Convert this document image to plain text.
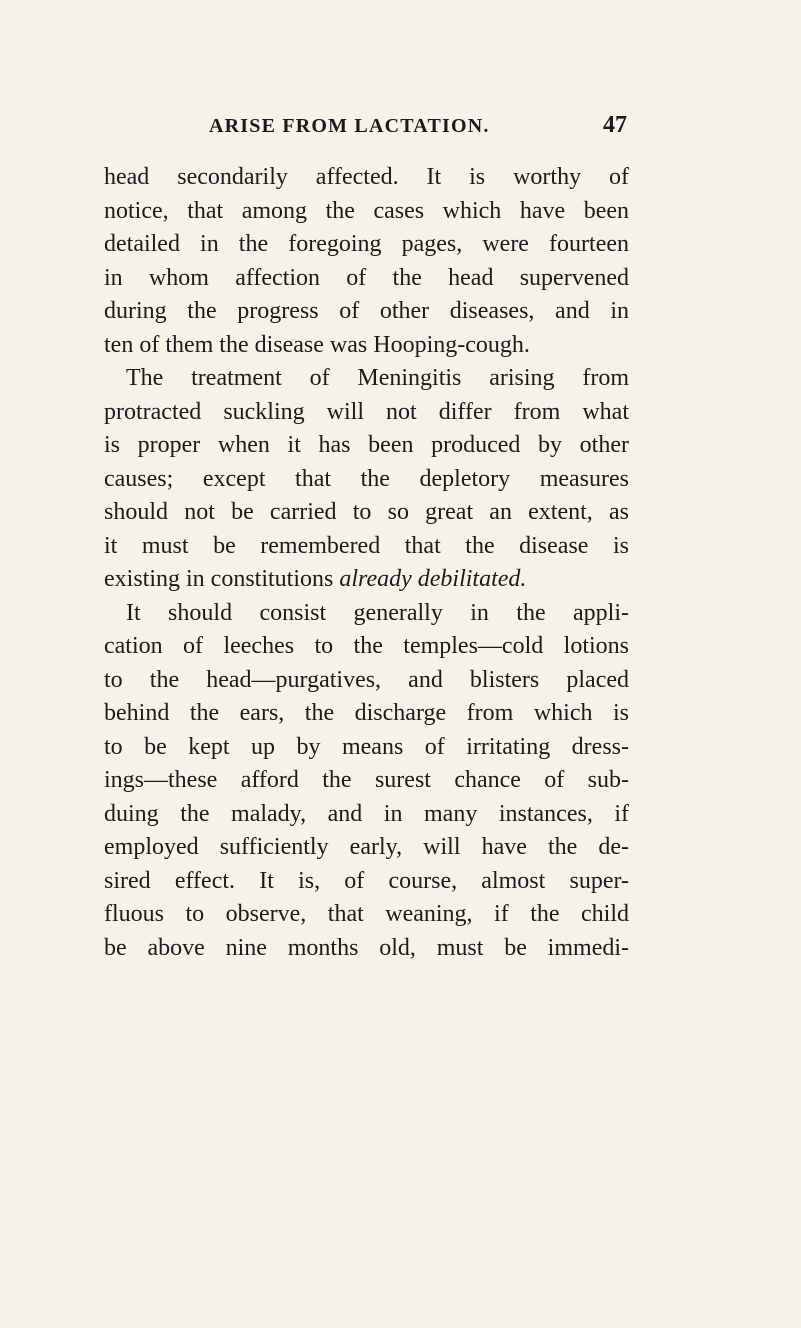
ARISE FROM LACTATION.	47
head secondarily affected. It is worthy of
notice, that among the cases which have been
detailed in the foregoing pages, were fourteen
in whom affection of the head supervened
during the progress of other diseases, and in
ten of them the disease was Hooping-cough.
The treatment of Meningitis arising from
protracted suckling will not differ from what
is proper when it has been produced by other
causes; except that the depletory measures
should not be carried to so great an extent, as
it must be remembered that the disease is
existing in constitutions already debilitated.
It should consist generally in the appli-
cation of leeches to the temples—cold lotions
to the head—purgatives, and blisters placed
behind the ears, the discharge from which is
to be kept up by means of irritating dress-
ings—these afford the surest chance of sub-
duing the malady, and in many instances, if
employed sufficiently early, will have the de-
sired effect. It is, of course, almost super-
fluous to observe, that weaning, if the child
be above nine months old, must be immedi-
